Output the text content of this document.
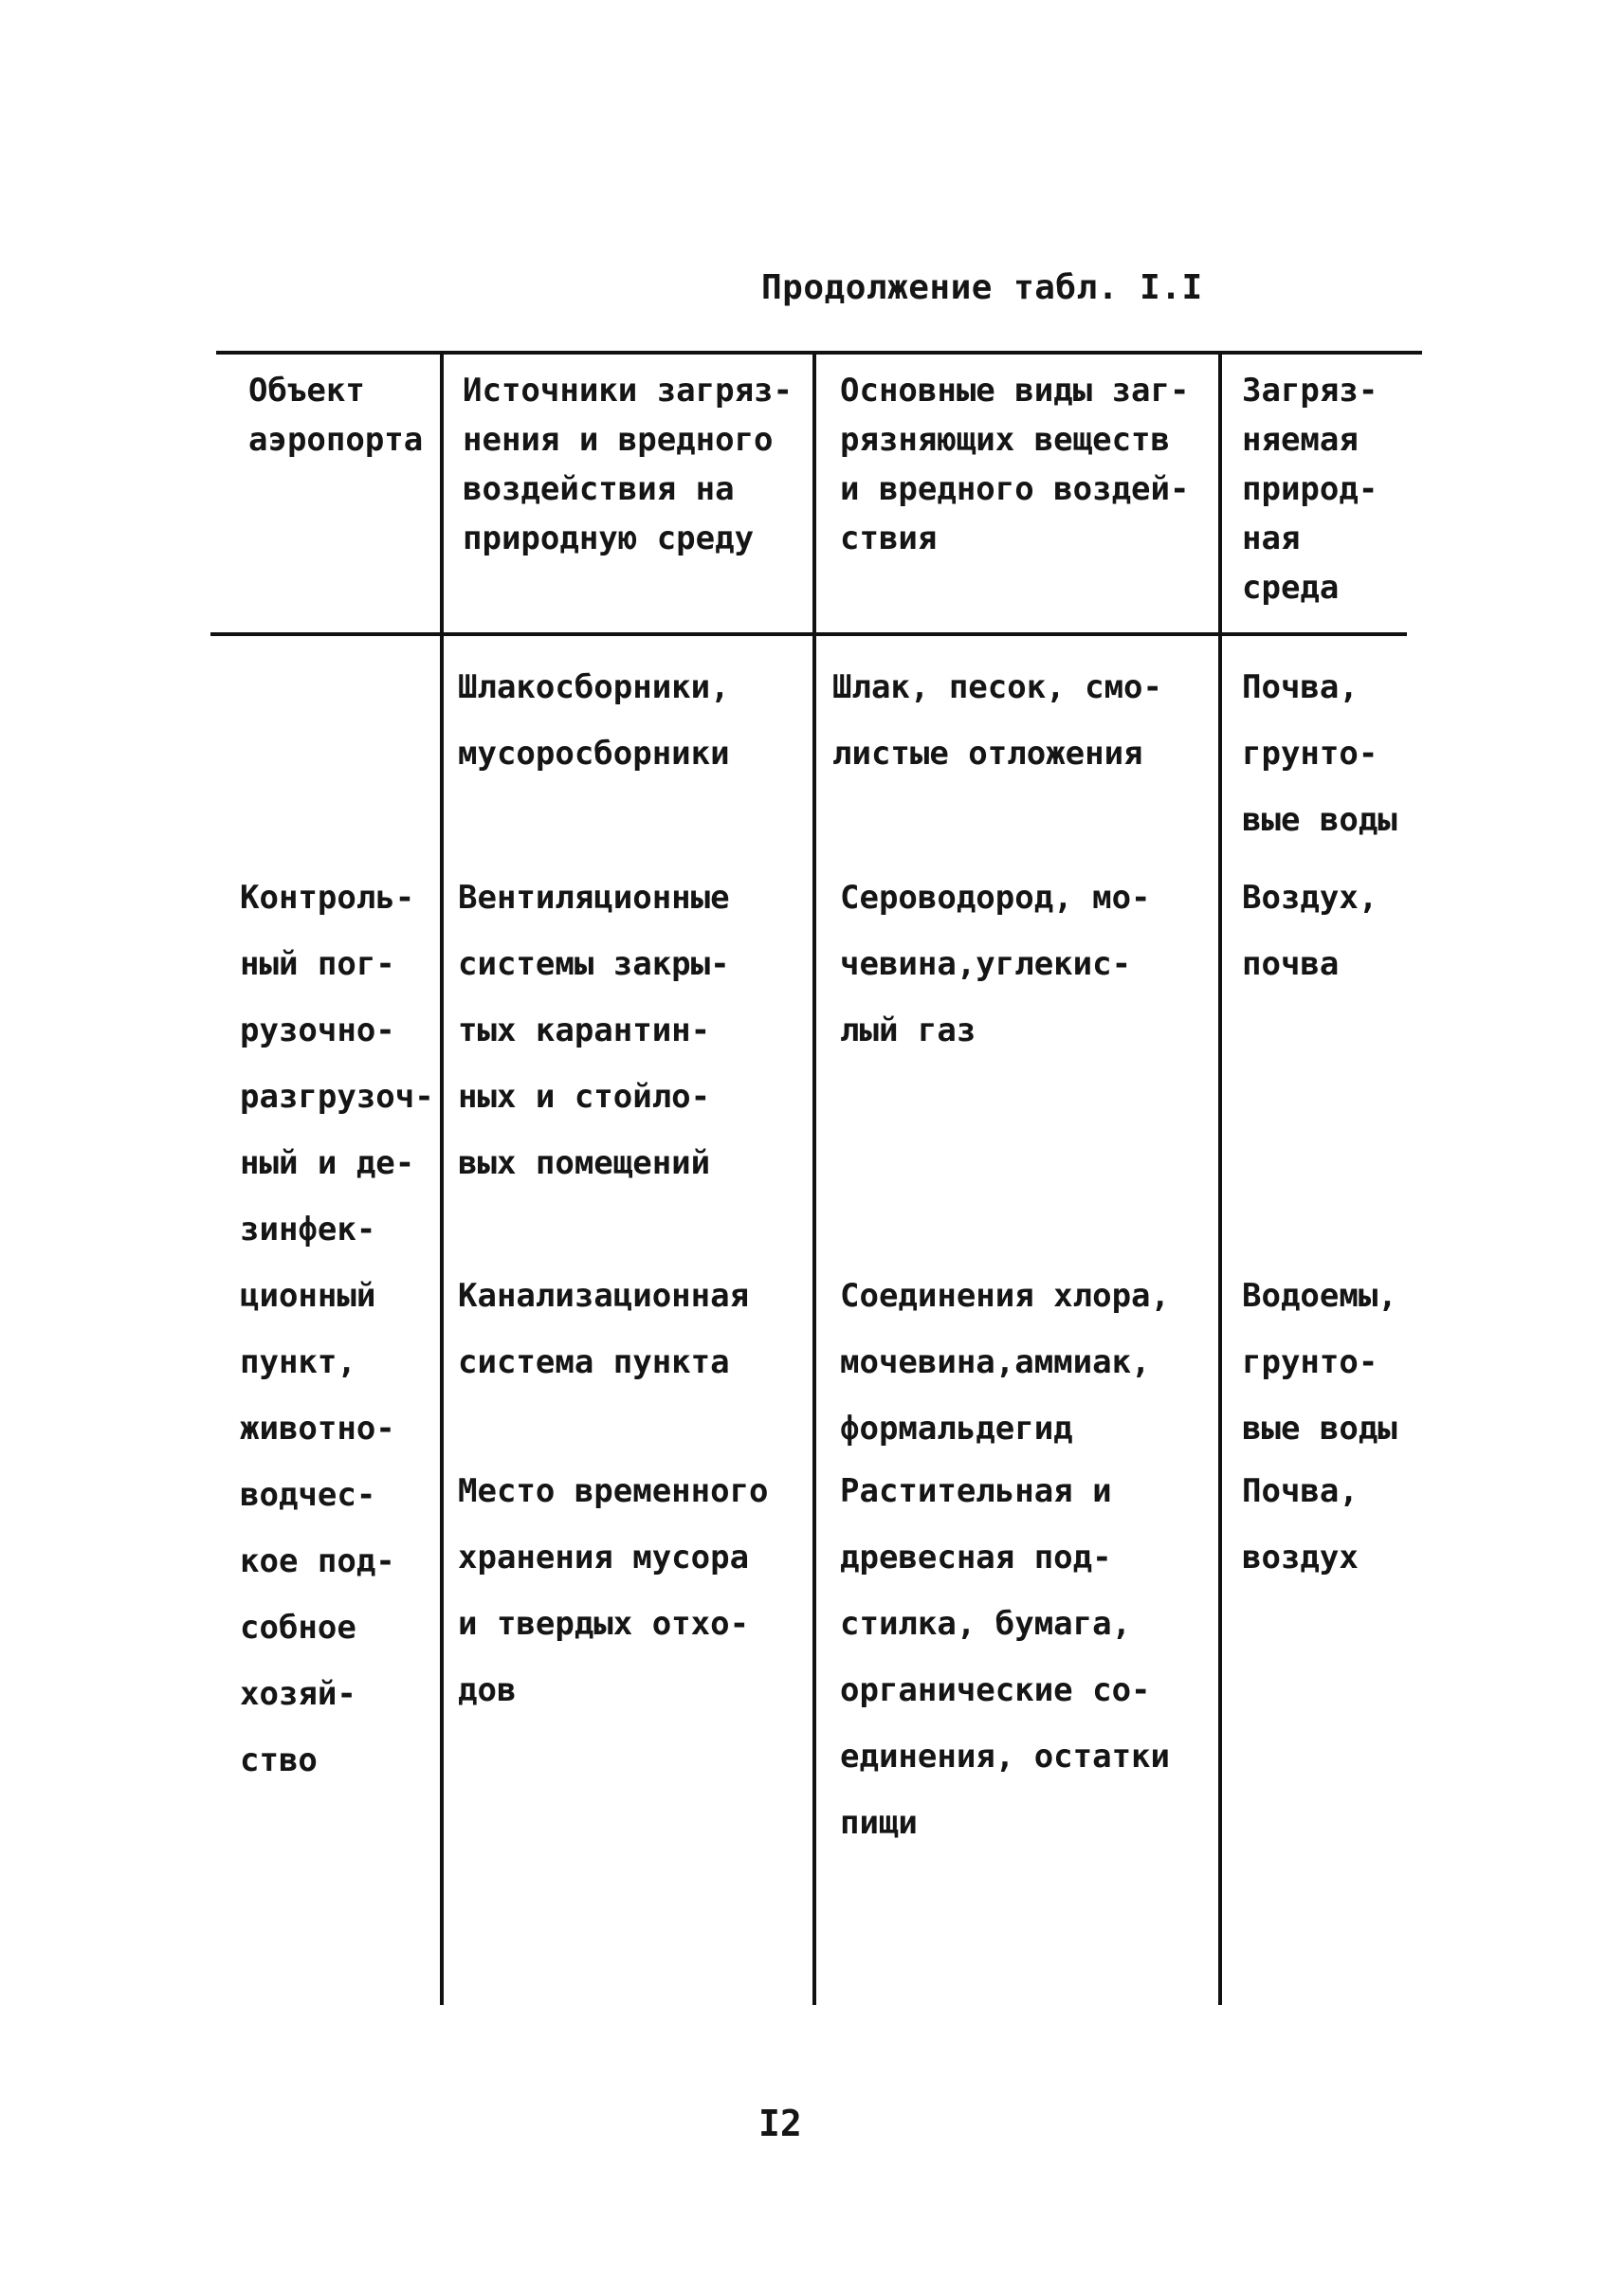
Продолжение табл. I.I
Объект
аэропорта
Источники загряз-
нения и вредного
воздействия на
природную среду
Основные виды заг-
рязняющих веществ
и вредного воздей-
ствия
Загряз-
няемая
природ-
ная
среда
Контроль-
ный пог-
рузочно-
разгрузоч-
ный и де-
зинфек-
ционный
пункт,
животно-
водчес-
кое под-
собное
хозяй-
ство
Шлакосборники,
мусоросборники
Шлак, песок, смо-
листые отложения
Почва,
грунто-
вые воды
Вентиляционные
системы закры-
тых карантин-
ных и стойло-
вых помещений
Сероводород, мо-
чевина,углекис-
лый газ
Воздух,
почва
Канализационная
система пункта
Соединения хлора,
мочевина,аммиак,
формальдегид
Водоемы,
грунто-
вые воды
Место временного
хранения мусора
и твердых отхо-
дов
Растительная и
древесная под-
стилка, бумага,
органические со-
единения, остатки
пищи
Почва,
воздух
I2
